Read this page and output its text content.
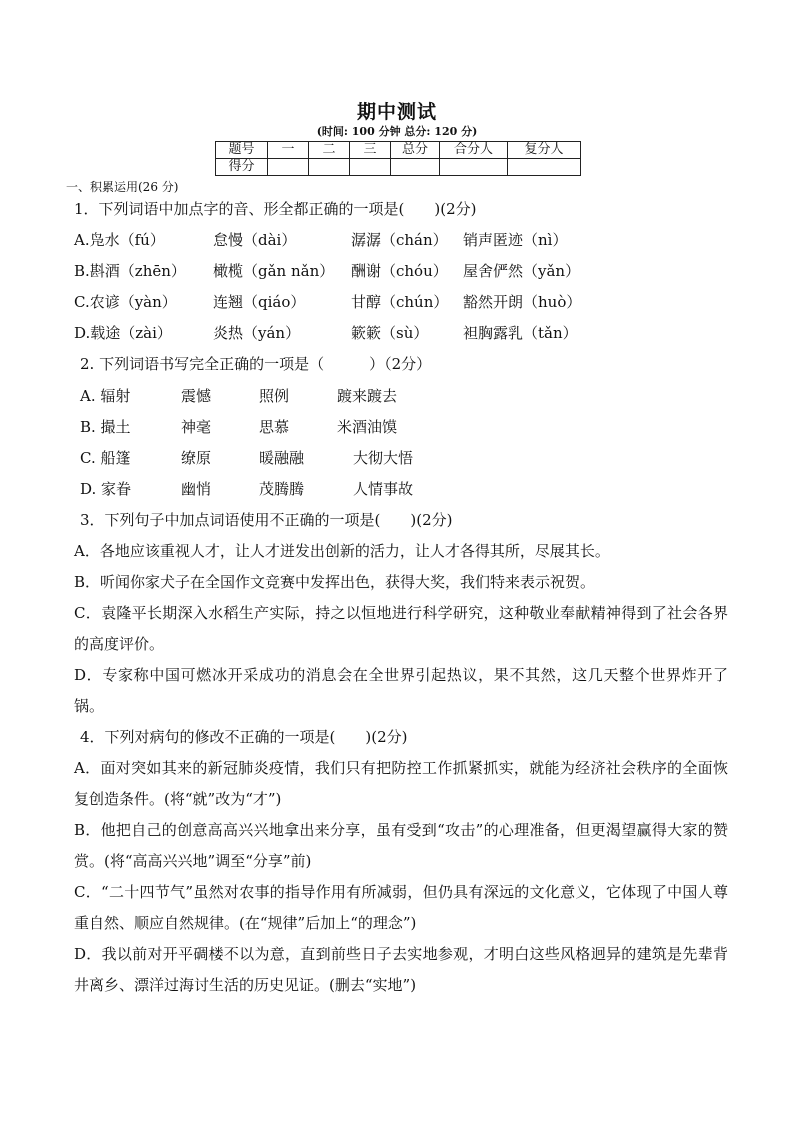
期中测试
(时间: 100 分钟 总分: 120 分)
题号	一	二	三	总分	合分人	复分人
得分						
一、积累运用(26 分)
1．下列词语中加点字的音、形全都正确的一项是(　　)(2分)
A.凫水（fú）	怠慢（dài）	潺潺（chán） 销声匿迹（nì）
B.斟酒（zhēn） 橄榄（gǎn nǎn） 酬谢（chóu） 屋舍俨然（yǎn）
C.农谚（yàn） 连翘（qiáo）	甘醇（chún） 豁然开朗（huò）
D.载途（zài）	炎热（yán）	簌簌（sù） 袒胸露乳（tǎn）
2. 下列词语书写完全正确的一项是（　　　）（2分）
A. 辐射	震憾	照例	踱来踱去
B. 撮土	神毫	思慕	米酒油馍
C. 船篷	缭原	暖融融	大彻大悟
D. 家眷	幽悄	茂腾腾	人情事故
3．下列句子中加点词语使用不正确的一项是(　　)(2分)
A．各地应该重视人才，让人才迸发出创新的活力，让人才各得其所，尽展其长。
B．听闻你家犬子在全国作文竞赛中发挥出色，获得大奖，我们特来表示祝贺。
C．袁隆平长期深入水稻生产实际，持之以恒地进行科学研究，这种敬业奉献精神得到了社会各界的高度评价。
D．专家称中国可燃冰开采成功的消息会在全世界引起热议，果不其然，这几天整个世界炸开了锅。
4．下列对病句的修改不正确的一项是(　　)(2分)
A．面对突如其来的新冠肺炎疫情，我们只有把防控工作抓紧抓实，就能为经济社会秩序的全面恢复创造条件。(将“就”改为“才”)
B．他把自己的创意高高兴兴地拿出来分享，虽有受到“攻击”的心理准备，但更渴望赢得大家的赞赏。(将“高高兴兴地”调至“分享”前)
C．“二十四节气”虽然对农事的指导作用有所减弱，但仍具有深远的文化意义，它体现了中国人尊重自然、顺应自然规律。(在“规律”后加上“的理念”)
D．我以前对开平碉楼不以为意，直到前些日子去实地参观，才明白这些风格迥异的建筑是先辈背井离乡、漂洋过海讨生活的历史见证。(删去“实地”)
